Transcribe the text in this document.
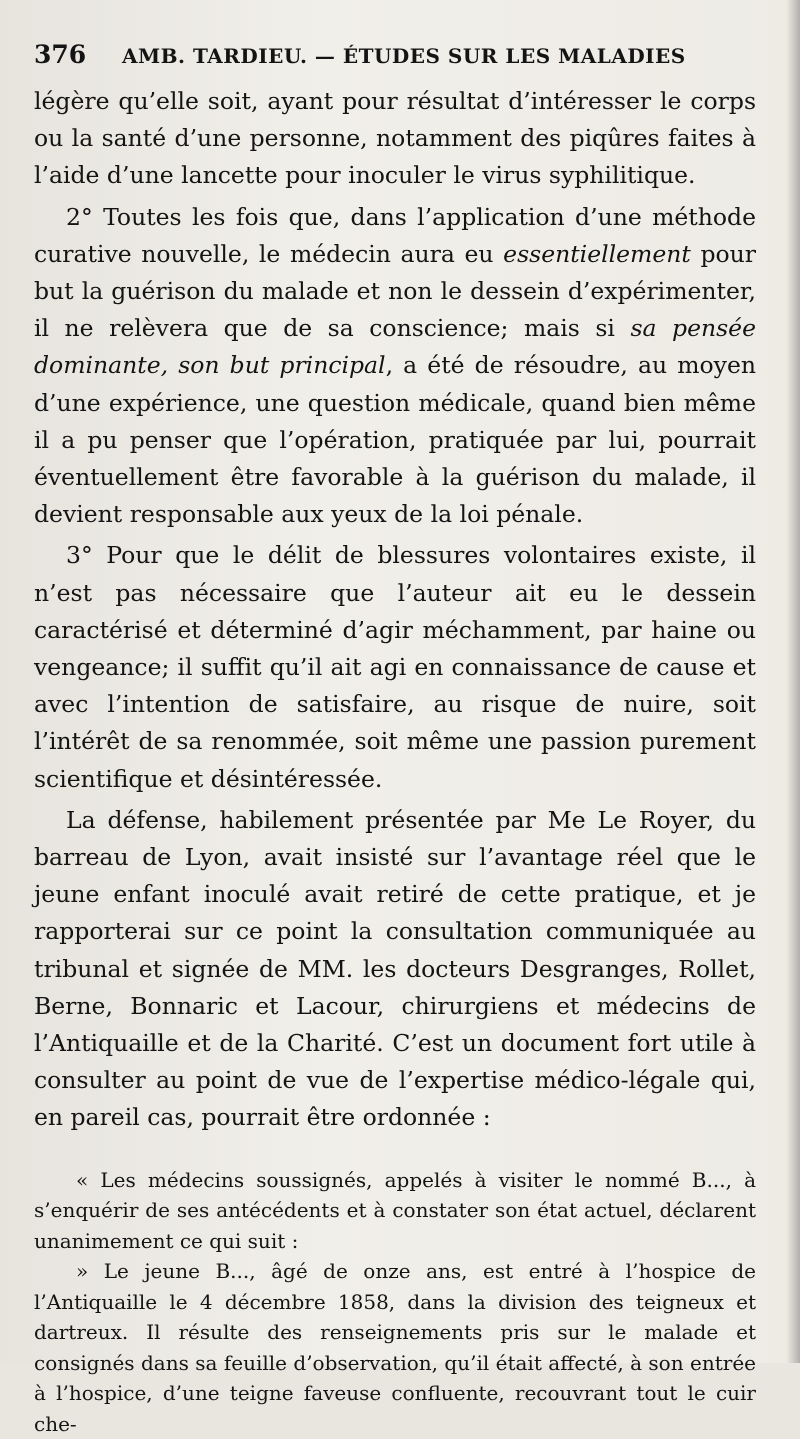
376	AMB. TARDIEU. — ÉTUDES SUR LES MALADIES

légère qu’elle soit, ayant pour résultat d’intéresser le corps ou la santé d’une personne, notamment des piqûres faites à l’aide d’une lancette pour inoculer le virus syphilitique.

2° Toutes les fois que, dans l’application d’une méthode curative nouvelle, le médecin aura eu essentiellement pour but la guérison du malade et non le dessein d’expérimenter, il ne relèvera que de sa conscience; mais si sa pensée dominante, son but principal, a été de résoudre, au moyen d’une expérience, une question médicale, quand bien même il a pu penser que l’opération, pratiquée par lui, pourrait éventuellement être favorable à la guérison du malade, il devient responsable aux yeux de la loi pénale.

3° Pour que le délit de blessures volontaires existe, il n’est pas nécessaire que l’auteur ait eu le dessein caractérisé et déterminé d’agir méchamment, par haine ou vengeance; il suffit qu’il ait agi en connaissance de cause et avec l’intention de satisfaire, au risque de nuire, soit l’intérêt de sa renommée, soit même une passion purement scientifique et désintéressée.

La défense, habilement présentée par Me Le Royer, du barreau de Lyon, avait insisté sur l’avantage réel que le jeune enfant inoculé avait retiré de cette pratique, et je rapporterai sur ce point la consultation communiquée au tribunal et signée de MM. les docteurs Desgranges, Rollet, Berne, Bonnaric et Lacour, chirurgiens et médecins de l’Antiquaille et de la Charité. C’est un document fort utile à consulter au point de vue de l’expertise médico-légale qui, en pareil cas, pourrait être ordonnée :

« Les médecins soussignés, appelés à visiter le nommé B..., à s’enquérir de ses antécédents et à constater son état actuel, déclarent unanimement ce qui suit :

» Le jeune B..., âgé de onze ans, est entré à l’hospice de l’Antiquaille le 4 décembre 1858, dans la division des teigneux et dartreux. Il résulte des renseignements pris sur le malade et consignés dans sa feuille d’observation, qu’il était affecté, à son entrée à l’hospice, d’une teigne faveuse confluente, recouvrant tout le cuir che-
